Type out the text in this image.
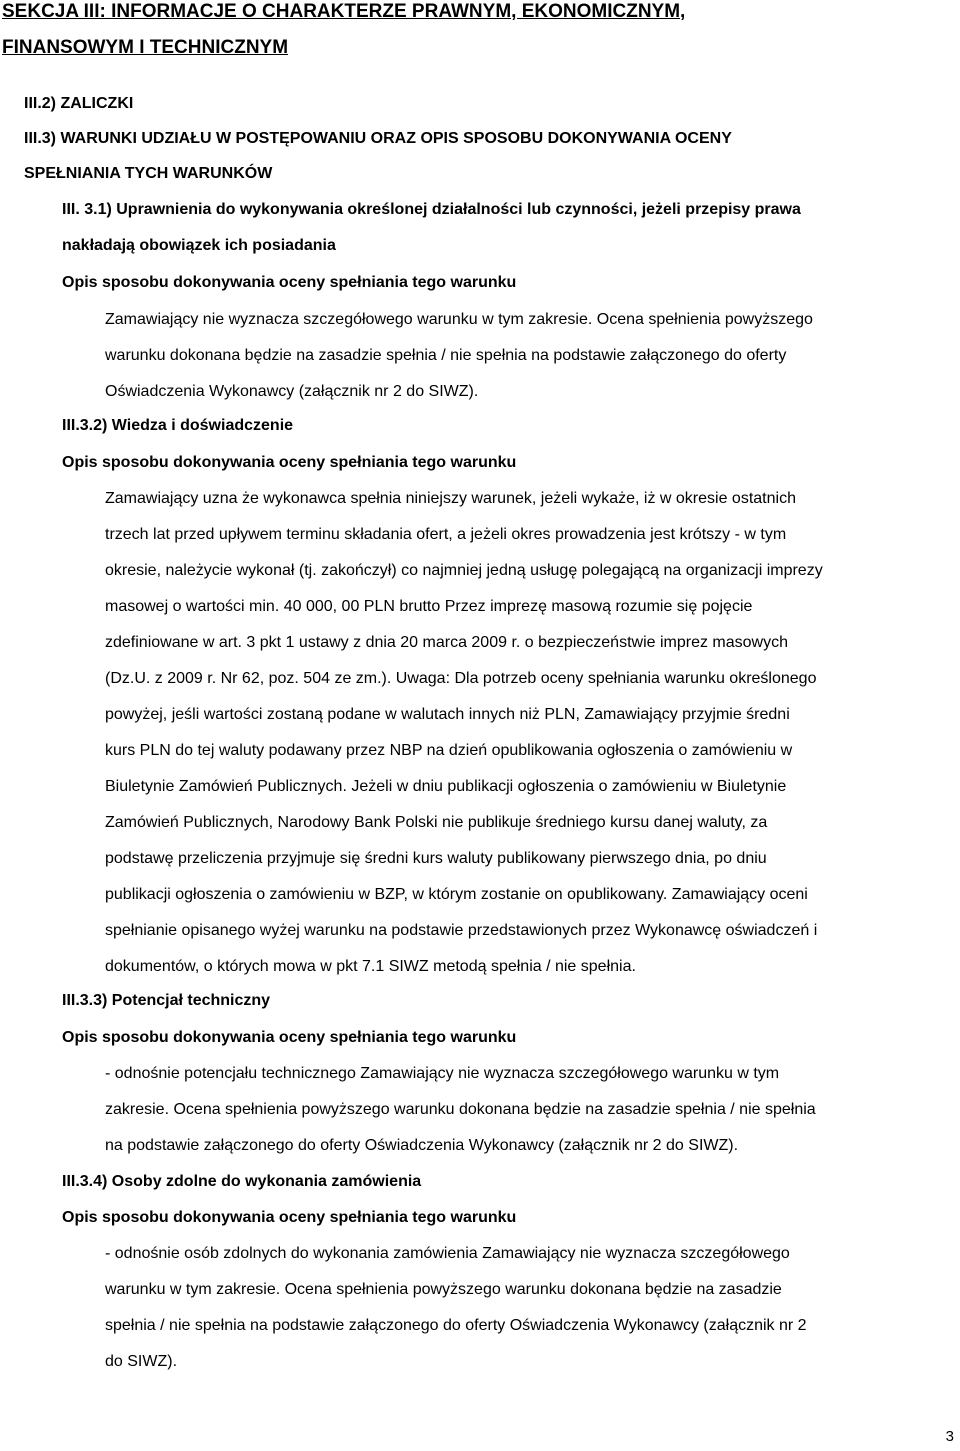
SEKCJA III: INFORMACJE O CHARAKTERZE PRAWNYM, EKONOMICZNYM,
FINANSOWYM I TECHNICZNYM
III.2) ZALICZKI
III.3) WARUNKI UDZIAŁU W POSTĘPOWANIU ORAZ OPIS SPOSOBU DOKONYWANIA OCENY
SPEŁNIANIA TYCH WARUNKÓW
III. 3.1) Uprawnienia do wykonywania określonej działalności lub czynności, jeżeli przepisy prawa
nakładają obowiązek ich posiadania
Opis sposobu dokonywania oceny spełniania tego warunku
Zamawiający nie wyznacza szczegółowego warunku w tym zakresie. Ocena spełnienia powyższego
warunku dokonana będzie na zasadzie spełnia / nie spełnia na podstawie załączonego do oferty
Oświadczenia Wykonawcy (załącznik nr 2 do SIWZ).
III.3.2) Wiedza i doświadczenie
Opis sposobu dokonywania oceny spełniania tego warunku
Zamawiający uzna że wykonawca spełnia niniejszy warunek, jeżeli wykaże, iż w okresie ostatnich
trzech lat przed upływem terminu składania ofert, a jeżeli okres prowadzenia jest krótszy - w tym
okresie, należycie wykonał (tj. zakończył) co najmniej jedną usługę polegającą na organizacji imprezy
masowej o wartości min. 40 000, 00 PLN brutto Przez imprezę masową rozumie się pojęcie
zdefiniowane w art. 3 pkt 1 ustawy z dnia 20 marca 2009 r. o bezpieczeństwie imprez masowych
(Dz.U. z 2009 r. Nr 62, poz. 504 ze zm.). Uwaga: Dla potrzeb oceny spełniania warunku określonego
powyżej, jeśli wartości zostaną podane w walutach innych niż PLN, Zamawiający przyjmie średni
kurs PLN do tej waluty podawany przez NBP na dzień opublikowania ogłoszenia o zamówieniu w
Biuletynie Zamówień Publicznych. Jeżeli w dniu publikacji ogłoszenia o zamówieniu w Biuletynie
Zamówień Publicznych, Narodowy Bank Polski nie publikuje średniego kursu danej waluty, za
podstawę przeliczenia przyjmuje się średni kurs waluty publikowany pierwszego dnia, po dniu
publikacji ogłoszenia o zamówieniu w BZP, w którym zostanie on opublikowany. Zamawiający oceni
spełnianie opisanego wyżej warunku na podstawie przedstawionych przez Wykonawcę oświadczeń i
dokumentów, o których mowa w pkt 7.1 SIWZ metodą spełnia / nie spełnia.
III.3.3) Potencjał techniczny
Opis sposobu dokonywania oceny spełniania tego warunku
- odnośnie potencjału technicznego Zamawiający nie wyznacza szczegółowego warunku w tym
zakresie. Ocena spełnienia powyższego warunku dokonana będzie na zasadzie spełnia / nie spełnia
na podstawie załączonego do oferty Oświadczenia Wykonawcy (załącznik nr 2 do SIWZ).
III.3.4) Osoby zdolne do wykonania zamówienia
Opis sposobu dokonywania oceny spełniania tego warunku
- odnośnie osób zdolnych do wykonania zamówienia Zamawiający nie wyznacza szczegółowego
warunku w tym zakresie. Ocena spełnienia powyższego warunku dokonana będzie na zasadzie
spełnia / nie spełnia na podstawie załączonego do oferty Oświadczenia Wykonawcy (załącznik nr 2
do SIWZ).
3
